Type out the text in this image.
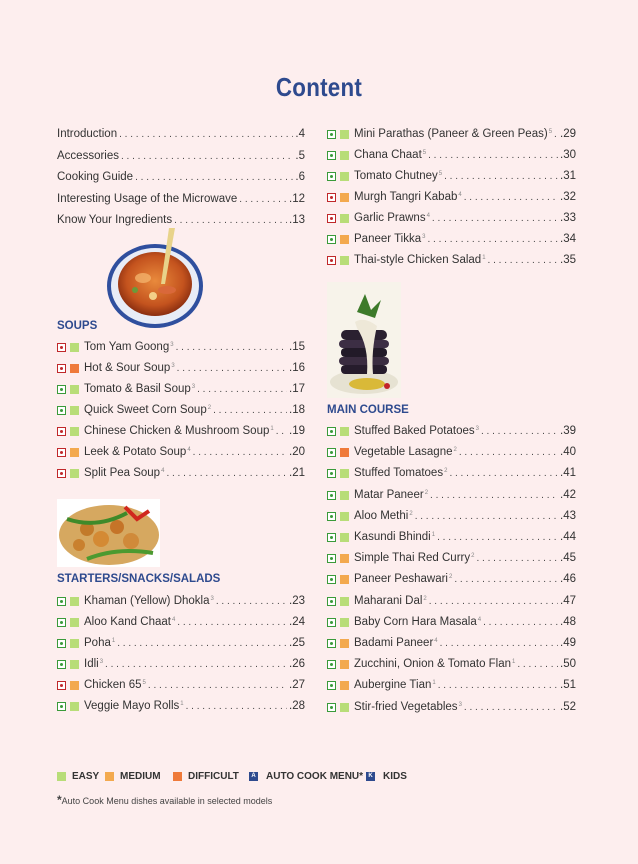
Content
Introduction . . .	.4
Accessories . . .	.5
Cooking Guide . . .	.6
Interesting Usage of the Microwave . . .	.12
Know Your Ingredients . . .	.13
SOUPS
Tom Yam Goong$^3$ . . .	.15
Hot & Sour Soup$^3$ . . .	.16
Tomato & Basil Soup$^3$ . . .	.17
Quick Sweet Corn Soup$^2$ . . .	.18
Chinese Chicken & Mushroom Soup$^1$ . . . .19
Leek & Potato Soup$^4$ . . .	.20
Split Pea Soup$^4$ . . .	.21
STARTERS/SNACKS/SALADS
Khaman (Yellow) Dhokla$^3$ . . .	.23
Aloo Kand Chaat$^4$ . . .	.24
Poha$^1$ . . .	.25
Idli$^3$ . . .	.26
Chicken $65^5$ . . .	.27
Veggie Mayo Rolls$^1$ . . .	.28
Mini Parathas (Paneer & Green Peas)$^5$ . . . .29
Chana Chaat$^5$ . . .	.30
Tomato Chutney$^5$ . . .	.31
Murgh Tangri Kabab$^4$ . . .	.32
Garlic Prawns$^4$ . . .	.33
Paneer Tikka$^3$ . . .	.34
Thai-style Chicken Salad$^1$ . . .	.35
MAIN COURSE
Stuffed Baked Potatoes$^3$ . . .	.39
Vegetable Lasagne$^2$ . . .	.40
Stuffed Tomatoes$^2$ . . .	.41
Matar Paneer$^2$ . . .	.42
Aloo Methi$^2$ . . .	.43
Kasundi Bhindi$^1$ . . .	.44
Simple Thai Red Curry$^2$ . . .	.45
Paneer Peshawari$^2$ . . .	.46
Maharani Dal$^2$ . . .	.47
Baby Corn Hara Masala$^4$ . . .	.48
Badami Paneer$^4$ . . .	.49
Zucchini, Onion & Tomato Flan$^1$ . . .	.50
Aubergine Tian$^1$ . . .	.51
Stir-fried Vegetables$^3$ . . .	.52
EASY MEDIUM	DIFFICULT	A AUTO COOK MENU* K KIDS
*Auto Cook Menu dishes available in selected models
